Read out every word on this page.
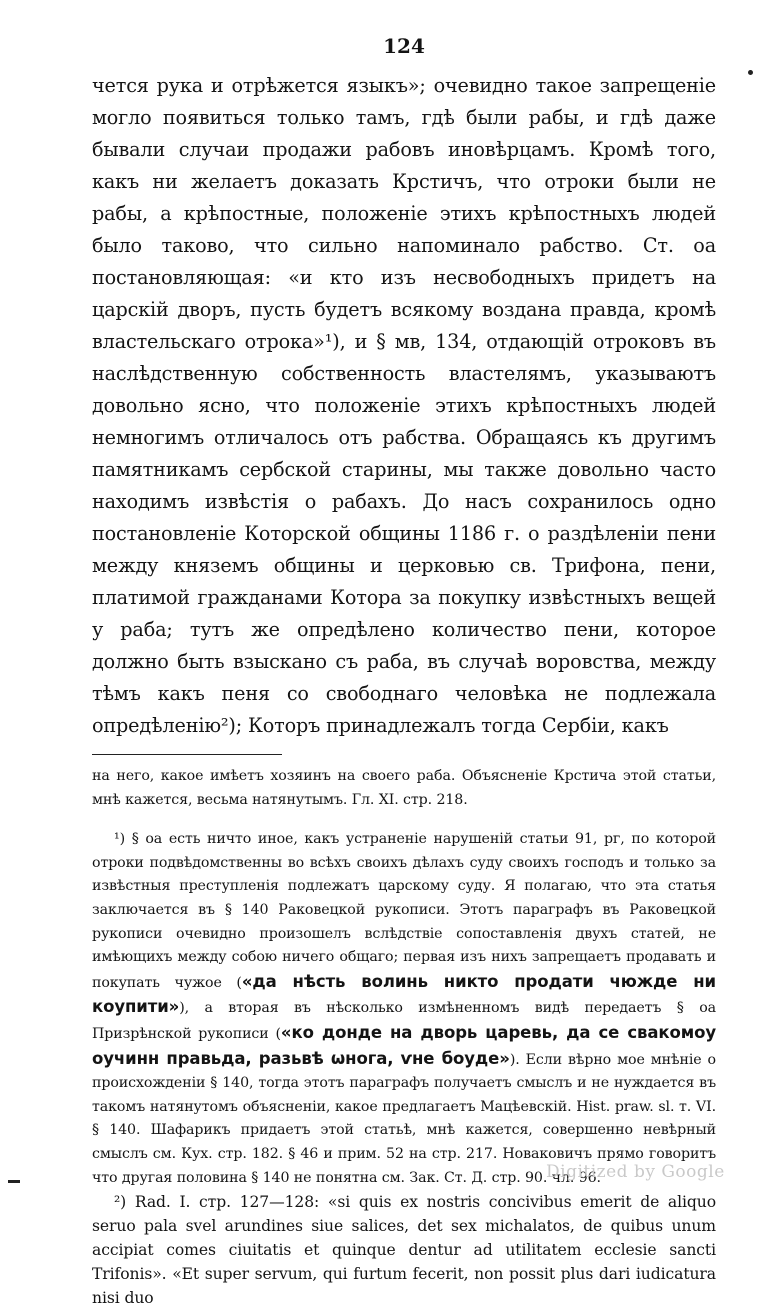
124

чется рука и отрѣжется языкъ»; очевидно такое запрещеніе могло появиться только тамъ, гдѣ были рабы, и гдѣ даже бывали случаи продажи рабовъ иновѣрцамъ. Кромѣ того, какъ ни желаетъ доказать Крстичъ, что отроки были не рабы, а крѣпостные, положеніе этихъ крѣпостныхъ людей было таково, что сильно напоминало рабство. Ст. оа постановляющая: «и кто изъ несвободныхъ придетъ на царскій дворъ, пусть будетъ всякому воздана правда, кромѣ властельскаго отрока»¹), и § мв, 134, отдающій отроковъ въ наслѣдственную собственность властелямъ, указываютъ довольно ясно, что положеніе этихъ крѣпостныхъ людей немногимъ отличалось отъ рабства. Обращаясь къ другимъ памятникамъ сербской старины, мы также довольно часто находимъ извѣстія о рабахъ. До насъ сохранилось одно постановленіе Которской общины 1186 г. о раздѣленіи пени между княземъ общины и церковью св. Трифона, пени, платимой гражданами Котора за покупку извѣстныхъ вещей у раба; тутъ же опредѣлено количество пени, которое должно быть взыскано съ раба, въ случаѣ воровства, между тѣмъ какъ пеня со свободнаго человѣка не подлежала опредѣленію²); Которъ принадлежалъ тогда Сербіи, какъ

на него, какое имѣетъ хозяинъ на своего раба. Объясненіе Крстича этой статьи, мнѣ кажется, весьма натянутымъ. Гл. XI. стр. 218.

¹) § оа есть ничто иное, какъ устраненіе нарушеній статьи 91, рг, по которой отроки подвѣдомственны во всѣхъ своихъ дѣлахъ суду своихъ господъ и только за извѣстныя преступленія подлежатъ царскому суду. Я полагаю, что эта статья заключается въ § 140 Раковецкой рукописи. Этотъ параграфъ въ Раковецкой рукописи очевидно произошелъ вслѣдствіе сопоставленія двухъ статей, не имѣющихъ между собою ничего общаго; первая изъ нихъ запрещаетъ продавать и покупать чужое («да нѣсть волинь никто продати чюжде ни коупити»), а вторая въ нѣсколько измѣненномъ видѣ передаетъ § оа Призрѣнской рукописи («ко донде на дворь царевь, да се свакомоу оучинн правьда, разьвѣ ωнога, ѵне боуде»). Если вѣрно мое мнѣніе о происхожденіи § 140, тогда этотъ параграфъ получаетъ смыслъ и не нуждается въ такомъ натянутомъ объясненіи, какое предлагаетъ Мацѣевскій. Hist. praw. sl. т. VI. § 140. Шафарикъ придаетъ этой статьѣ, мнѣ кажется, совершенно невѣрный смыслъ см. Кух. стр. 182. § 46 и прим. 52 на стр. 217. Новаковичъ прямо говоритъ что другая половина § 140 не понятна см. Зак. Ст. Д. стр. 90. чл. 96.

²) Rad. I. стр. 127—128: «si quis ex nostris concivibus emerit de aliquo seruo pala svel arundines siue salices, det sex michalatos, de quibus unum accipiat comes ciuitatis et quinque dentur ad utilitatem ecclesie sancti Trifonis». «Et super servum, qui furtum fecerit, non possit plus dari iudicatura nisi duo

Digitized by Google
